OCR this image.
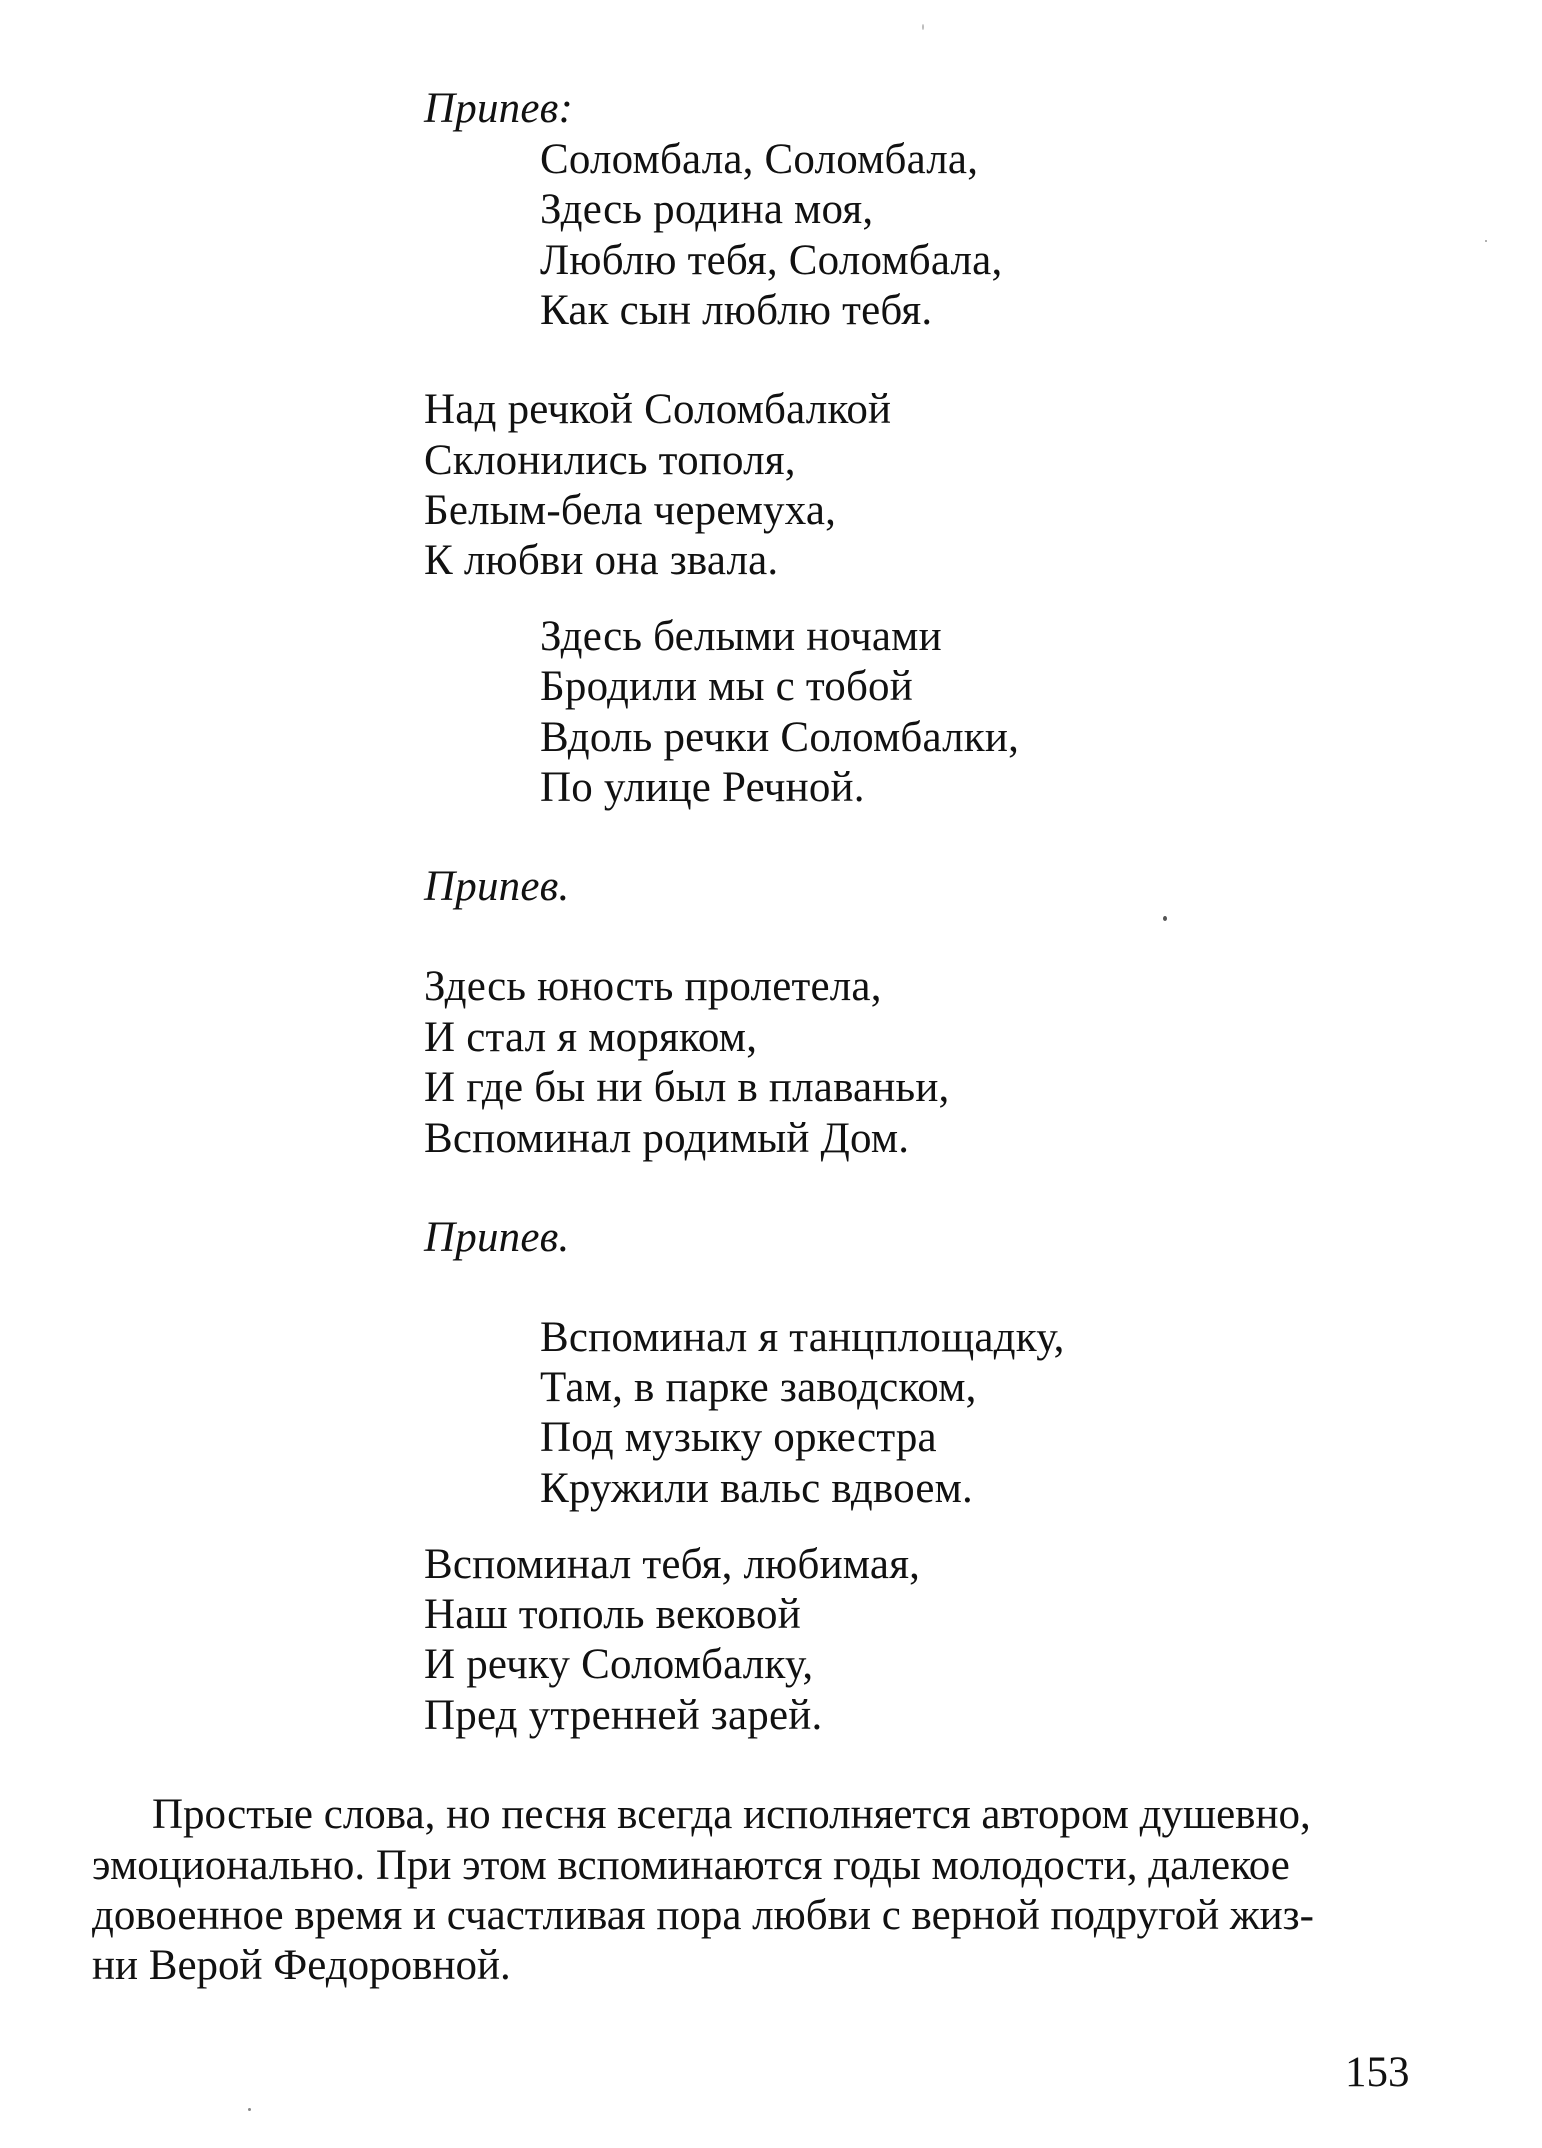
Припев:
Соломбала, Соломбала,
Здесь родина моя,
Люблю тебя, Соломбала,
Как сын люблю тебя.
Над речкой Соломбалкой
Склонились тополя,
Белым-бела черемуха,
К любви она звала.
Здесь белыми ночами
Бродили мы с тобой
Вдоль речки Соломбалки,
По улице Речной.
Припев.
Здесь юность пролетела,
И стал я моряком,
И где бы ни был в плаваньи,
Вспоминал родимый Дом.
Припев.
Вспоминал я танцплощадку,
Там, в парке заводском,
Под музыку оркестра
Кружили вальс вдвоем.
Вспоминал тебя, любимая,
Наш тополь вековой
И речку Соломбалку,
Пред утренней зарей.
Простые слова, но песня всегда исполняется автором душевно,
эмоционально. При этом вспоминаются годы молодости, далекое
довоенное время и счастливая пора любви с верной подругой жиз-
ни Верой Федоровной.
153
